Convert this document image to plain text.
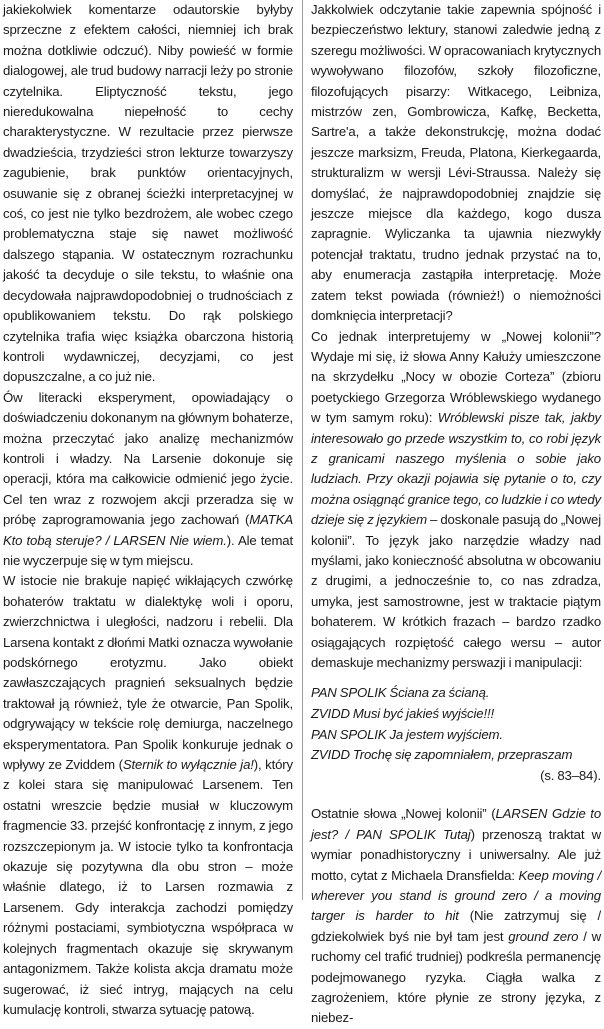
jakiekolwiek komentarze odautorskie byłyby sprzeczne z efektem całości, niemniej ich brak można dotkliwie odczuć). Niby powieść w formie dialogowej, ale trud budowy narracji leży po stronie czytelnika. Eliptyczność tekstu, jego nieredukowalna niepełność to cechy charakterystyczne. W rezultacie przez pierwsze dwadzieścia, trzydzieści stron lekturze towarzyszy zagubienie, brak punktów orientacyjnych, osuwanie się z obranej ścieżki interpretacyjnej w coś, co jest nie tylko bezdrożem, ale wobec czego problematyczna staje się nawet możliwość dalszego stąpania. W ostatecznym rozrachunku jakość ta decyduje o sile tekstu, to właśnie ona decydowała najprawdopodobniej o trudnościach z opublikowaniem tekstu. Do rąk polskiego czytelnika trafia więc książka obarczona historią kontroli wydawniczej, decyzjami, co jest dopuszczalne, a co już nie.

Ów literacki eksperyment, opowiadający o doświadczeniu dokonanym na głównym bohaterze, można przeczytać jako analizę mechanizmów kontroli i władzy. Na Larsenie dokonuje się operacji, która ma całkowicie odmienić jego życie. Cel ten wraz z rozwojem akcji przeradza się w próbę zaprogramowania jego zachowań (MATKA Kto tobą steruje? / LARSEN Nie wiem.). Ale temat nie wyczerpuje się w tym miejscu.

W istocie nie brakuje napięć wikłających czwórkę bohaterów traktatu w dialektykę woli i oporu, zwierzchnictwa i uległości, nadzoru i rebelii. Dla Larsena kontakt z dłońmi Matki oznacza wywołanie podskórnego erotyzmu. Jako obiekt zawłaszczających pragnień seksualnych będzie traktował ją również, tyle że otwarcie, Pan Spolik, odgrywający w tekście rolę demiurga, naczelnego eksperymentatora. Pan Spolik konkuruje jednak o wpływy ze Zviddem (Sternik to wyłącznie ja!), który z kolei stara się manipulować Larsenem. Ten ostatni wreszcie będzie musiał w kluczowym fragmencie 33. przejść konfrontację z innym, z jego rozszczepionym ja. W istocie tylko ta konfrontacja okazuje się pozytywna dla obu stron – może właśnie dlatego, iż to Larsen rozmawia z Larsenem. Gdy interakcja zachodzi pomiędzy różnymi postaciami, symbiotyczna współpraca w kolejnych fragmentach okazuje się skrywanym antagonizmem. Także kolista akcja dramatu może sugerować, iż sieć intryg, mających na celu kumulację kontroli, stwarza sytuację patową.

Jakkolwiek odczytanie takie zapewnia spójność i bezpieczeństwo lektury, stanowi zaledwie jedną z szeregu możliwości. W opracowaniach krytycznych wywoływano filozofów, szkoły filozoficzne, filozofujących pisarzy: Witkacego, Leibniza, mistrzów zen, Gombrowicza, Kafkę, Becketta, Sartre'a, a także dekonstrukcję, można dodać jeszcze marksizm, Freuda, Platona, Kierkegaarda, strukturalizm w wersji Lévi-Straussa. Należy się domyślać, że najprawdopodobniej znajdzie się jeszcze miejsce dla każdego, kogo dusza zapragnie. Wyliczanka ta ujawnia niezwykły potencjał traktatu, trudno jednak przystać na to, aby enumeracja zastąpiła interpretację. Może zatem tekst powiada (również!) o niemożności domknięcia interpretacji?

Co jednak interpretujemy w „Nowej kolonii”? Wydaje mi się, iż słowa Anny Kałuży umieszczone na skrzydełku „Nocy w obozie Corteza” (zbioru poetyckiego Grzegorza Wróblewskiego wydanego w tym samym roku): Wróblewski pisze tak, jakby interesowało go przede wszystkim to, co robi język z granicami naszego myślenia o sobie jako ludziach. Przy okazji pojawia się pytanie o to, czy można osiągnąć granice tego, co ludzkie i co wtedy dzieje się z językiem – doskonale pasują do „Nowej kolonii”. To język jako narzędzie władzy nad myślami, jako konieczność absolutna w obcowaniu z drugimi, a jednocześnie to, co nas zdradza, umyka, jest samostrowne, jest w traktacie piątym bohaterem. W krótkich frazach – bardzo rzadko osiągających rozpiętość całego wersu – autor demaskuje mechanizmy perswazji i manipulacji:

PAN SPOLIK Ściana za ścianą.
ZVIDD Musi być jakieś wyjście!!!
PAN SPOLIK Ja jestem wyjściem.
ZVIDD Trochę się zapomniałem, przepraszam
(s. 83–84).

Ostatnie słowa „Nowej kolonii” (LARSEN Gdzie to jest? / PAN SPOLIK Tutaj) przenoszą traktat w wymiar ponadhistoryczny i uniwersalny. Ale już motto, cytat z Michaela Dransfielda: Keep moving / wherever you stand is ground zero / a moving targer is harder to hit (Nie zatrzymuj się / gdziekolwiek byś nie był tam jest ground zero / w ruchomy cel trafić trudniej) podkreśla permanencję podejmowanego ryzyka. Ciągła walka z zagrożeniem, które płynie ze strony języka, z niebez-
